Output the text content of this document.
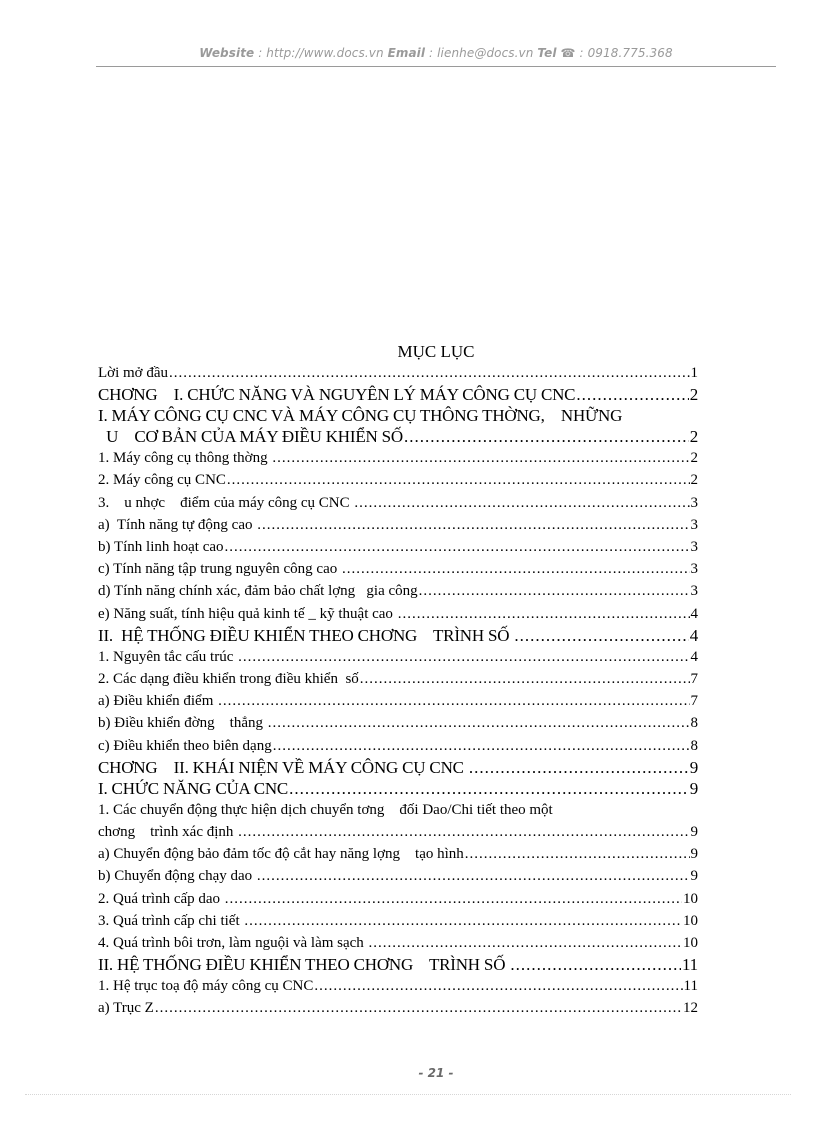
Website : http://www.docs.vn Email : lienhe@docs.vn Tel ☎ : 0918.775.368
MỤC LỤC
Lời mở đầu .....	1
CHƠNG    I. CHỨC NĂNG VÀ NGUYÊN LÝ MÁY CÔNG CỤ CNC .....	2
I. MÁY CÔNG CỤ CNC VÀ MÁY CÔNG CỤ THÔNG THỜNG,    NHỮNG
U    CƠ BẢN CỦA MÁY ĐIỀU KHIỂN SỐ .....	2
1. Máy công cụ thông thờng .....	2
2. Máy công cụ CNC .....	2
3.    u nhợc    điểm của máy công cụ CNC .....	3
a)  Tính năng tự động cao .....	3
b) Tính linh hoạt cao .....	3
c) Tính năng tập trung nguyên công cao .....	3
d) Tính năng chính xác, đảm bảo chất lợng   gia công .....	3
e) Năng suất, tính hiệu quả kinh tế _ kỹ thuật cao .....	4
II.  HỆ THỐNG ĐIỀU KHIỂN THEO CHƠNG    TRÌNH SỐ .....	4
1. Nguyên tắc cấu trúc .....	4
2. Các dạng điều khiển trong điều khiển  số .....	7
a) Điều khiển điểm .....	7
b) Điều khiển đờng    thẳng .....	8
c) Điều khiển theo biên dạng .....	8
CHƠNG    II. KHÁI NIỆN VỀ MÁY CÔNG CỤ CNC .....	9
I. CHỨC NĂNG CỦA CNC .....	9
1. Các chuyển động thực hiện dịch chuyển tơng    đối Dao/Chi tiết theo một
chơng    trình xác định .....	9
a) Chuyển động bảo đảm tốc độ cắt hay năng lợng    tạo hình .....	9
b) Chuyển động chạy dao .....	9
2. Quá trình cấp dao .....	10
3. Quá trình cấp chi tiết .....	10
4. Quá trình bôi trơn, làm nguội và làm sạch .....	10
II. HỆ THỐNG ĐIỀU KHIỂN THEO CHƠNG    TRÌNH SỐ .....	11
1. Hệ trục toạ độ máy công cụ CNC .....	11
a) Trục Z .....	12
- 21 -
